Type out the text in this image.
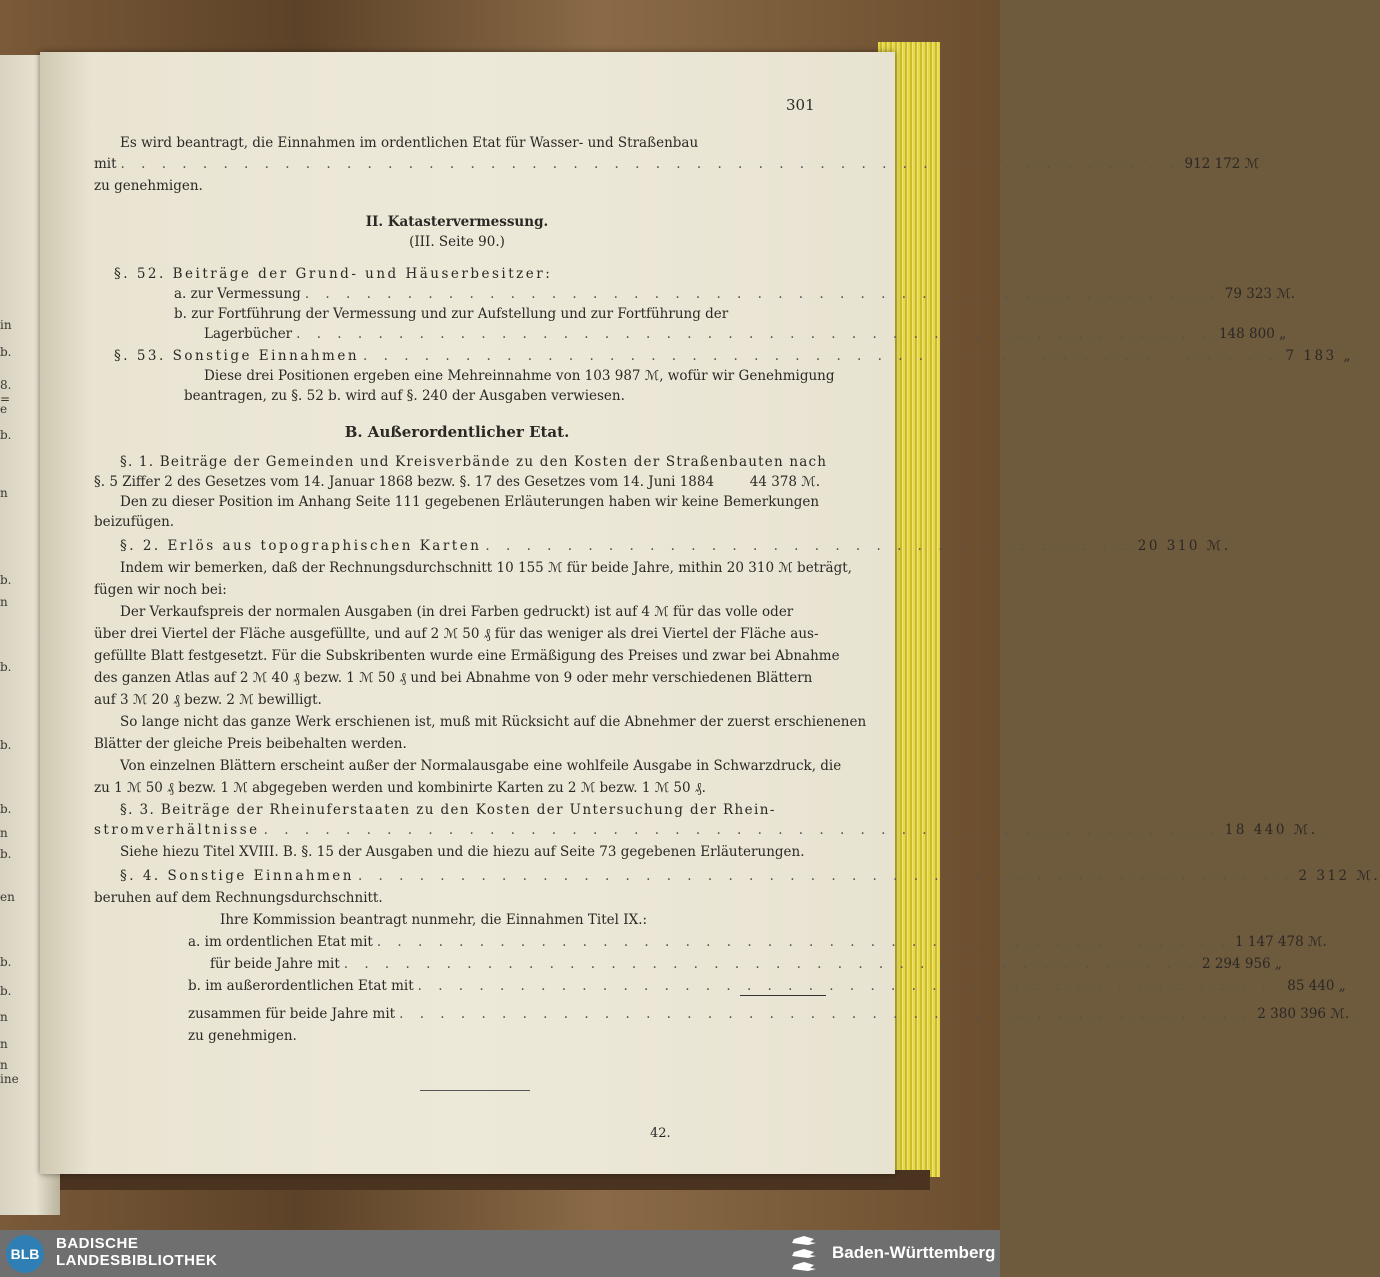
in
b.
8.
=
e
b.
n
b.
n
b.
b.
b.
n
b.
en
b.
b.
n
n
n
ine
301
Es wird beantragt, die Einnahmen im ordentlichen Etat für Wasser- und Straßenbau
mit . . . . . . . . . . . . . . . . . . . . . . . . . . . . . . . . . . . . . . . . . . . . . . . . . . . . 912 172 ℳ
zu genehmigen.
II. Katastervermessung.
(III. Seite 90.)
§. 52. Beiträge der Grund- und Häuserbesitzer:
a. zur Vermessung . . . . . . . . . . . . . . . . . . . . . . . . . . . . . . . . . . . . . . . . . . . . . 79 323 ℳ.
b. zur Fortführung der Vermessung und zur Aufstellung und zur Fortführung der
Lagerbücher . . . . . . . . . . . . . . . . . . . . . . . . . . . . . . . . . . . . . . . . . . . . . 148 800 „
§. 53. Sonstige Einnahmen . . . . . . . . . . . . . . . . . . . . . . . . . . . . . . . . . . . . . . . . . . . . . 7 183 „
Diese drei Positionen ergeben eine Mehreinnahme von 103 987 ℳ, wofür wir Genehmigung
beantragen, zu §. 52 b. wird auf §. 240 der Ausgaben verwiesen.
B. Außerordentlicher Etat.
§. 1. Beiträge der Gemeinden und Kreisverbände zu den Kosten der Straßenbauten nach
§. 5 Ziffer 2 des Gesetzes vom 14. Januar 1868 bezw. §. 17 des Gesetzes vom 14. Juni 1884	44 378 ℳ.
Den zu dieser Position im Anhang Seite 111 gegebenen Erläuterungen haben wir keine Bemerkungen
beizufügen.
§. 2. Erlös aus topographischen Karten . . . . . . . . . . . . . . . . . . . . . . . . . . . . . . . . 20 310 ℳ.
Indem wir bemerken, daß der Rechnungsdurchschnitt 10 155 ℳ für beide Jahre, mithin 20 310 ℳ beträgt,
fügen wir noch bei:
Der Verkaufspreis der normalen Ausgaben (in drei Farben gedruckt) ist auf 4 ℳ für das volle oder
über drei Viertel der Fläche ausgefüllte, und auf 2 ℳ 50 ₰ für das weniger als drei Viertel der Fläche aus-
gefüllte Blatt festgesetzt. Für die Subskribenten wurde eine Ermäßigung des Preises und zwar bei Abnahme
des ganzen Atlas auf 2 ℳ 40 ₰ bezw. 1 ℳ 50 ₰ und bei Abnahme von 9 oder mehr verschiedenen Blättern
auf 3 ℳ 20 ₰ bezw. 2 ℳ bewilligt.
So lange nicht das ganze Werk erschienen ist, muß mit Rücksicht auf die Abnehmer der zuerst erschienenen
Blätter der gleiche Preis beibehalten werden.
Von einzelnen Blättern erscheint außer der Normalausgabe eine wohlfeile Ausgabe in Schwarzdruck, die
zu 1 ℳ 50 ₰ bezw. 1 ℳ abgegeben werden und kombinirte Karten zu 2 ℳ bezw. 1 ℳ 50 ₰.
§. 3. Beiträge der Rheinuferstaaten zu den Kosten der Untersuchung der Rhein-
stromverhältnisse . . . . . . . . . . . . . . . . . . . . . . . . . . . . . . . . . . . . . . . . . . . . . . . 18 440 ℳ.
Siehe hiezu Titel XVIII. B. §. 15 der Ausgaben und die hiezu auf Seite 73 gegebenen Erläuterungen.
§. 4. Sonstige Einnahmen . . . . . . . . . . . . . . . . . . . . . . . . . . . . . . . . . . . . . . . . . . . . . . 2 312 ℳ.
beruhen auf dem Rechnungsdurchschnitt.
Ihre Kommission beantragt nunmehr, die Einnahmen Titel IX.:
a. im ordentlichen Etat mit . . . . . . . . . . . . . . . . . . . . . . . . . . . . . . . . . . . . . . . . . . 1 147 478 ℳ.
für beide Jahre mit . . . . . . . . . . . . . . . . . . . . . . . . . . . . . . . . . . . . . . . . . . 2 294 956 „
b. im außerordentlichen Etat mit . . . . . . . . . . . . . . . . . . . . . . . . . . . . . . . . . . . . . . . . . .	85 440 „
zusammen für beide Jahre mit . . . . . . . . . . . . . . . . . . . . . . . . . . . . . . . . . . . . . . . . . . 2 380 396 ℳ.
zu genehmigen.
42.
BLB
BADISCHE
LANDESBIBLIOTHEK	Baden-Württemberg
